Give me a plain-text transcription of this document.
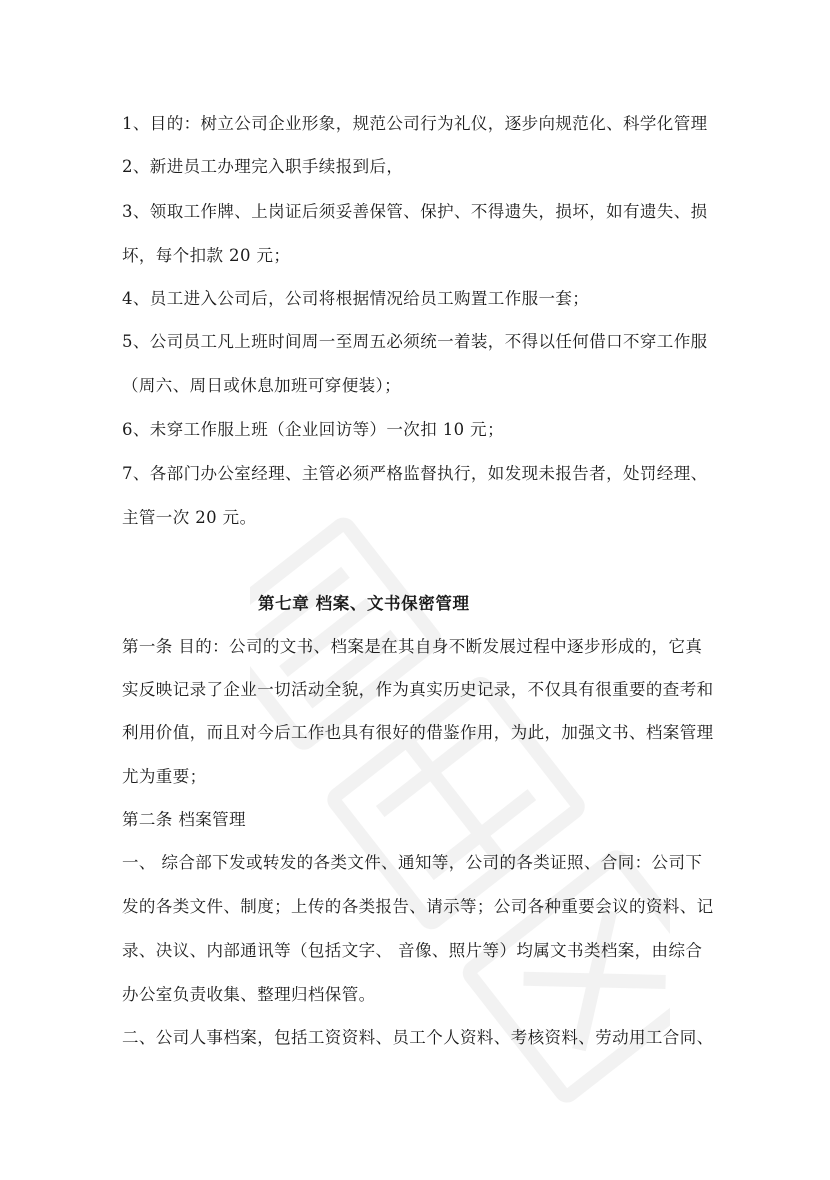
1、目的：树立公司企业形象，规范公司行为礼仪，逐步向规范化、科学化管理
2、新进员工办理完入职手续报到后，
3、领取工作牌、上岗证后须妥善保管、保护、不得遗失，损坏，如有遗失、损
坏，每个扣款 20 元；
4、员工进入公司后，公司将根据情况给员工购置工作服一套；
5、公司员工凡上班时间周一至周五必须统一着装，不得以任何借口不穿工作服
（周六、周日或休息加班可穿便装）；
6、未穿工作服上班（企业回访等）一次扣 10 元；
7、各部门办公室经理、主管必须严格监督执行，如发现未报告者，处罚经理、
主管一次 20 元。
第七章 档案、文书保密管理
第一条 目的：公司的文书、档案是在其自身不断发展过程中逐步形成的，它真
实反映记录了企业一切活动全貌，作为真实历史记录，不仅具有很重要的查考和
利用价值，而且对今后工作也具有很好的借鉴作用，为此，加强文书、档案管理
尤为重要；
第二条 档案管理
一、 综合部下发或转发的各类文件、通知等，公司的各类证照、合同：公司下
发的各类文件、制度；上传的各类报告、请示等；公司各种重要会议的资料、记
录、决议、内部通讯等（包括文字、 音像、照片等）均属文书类档案，由综合
办公室负责收集、整理归档保管。
二、公司人事档案，包括工资资料、员工个人资料、考核资料、劳动用工合同、
